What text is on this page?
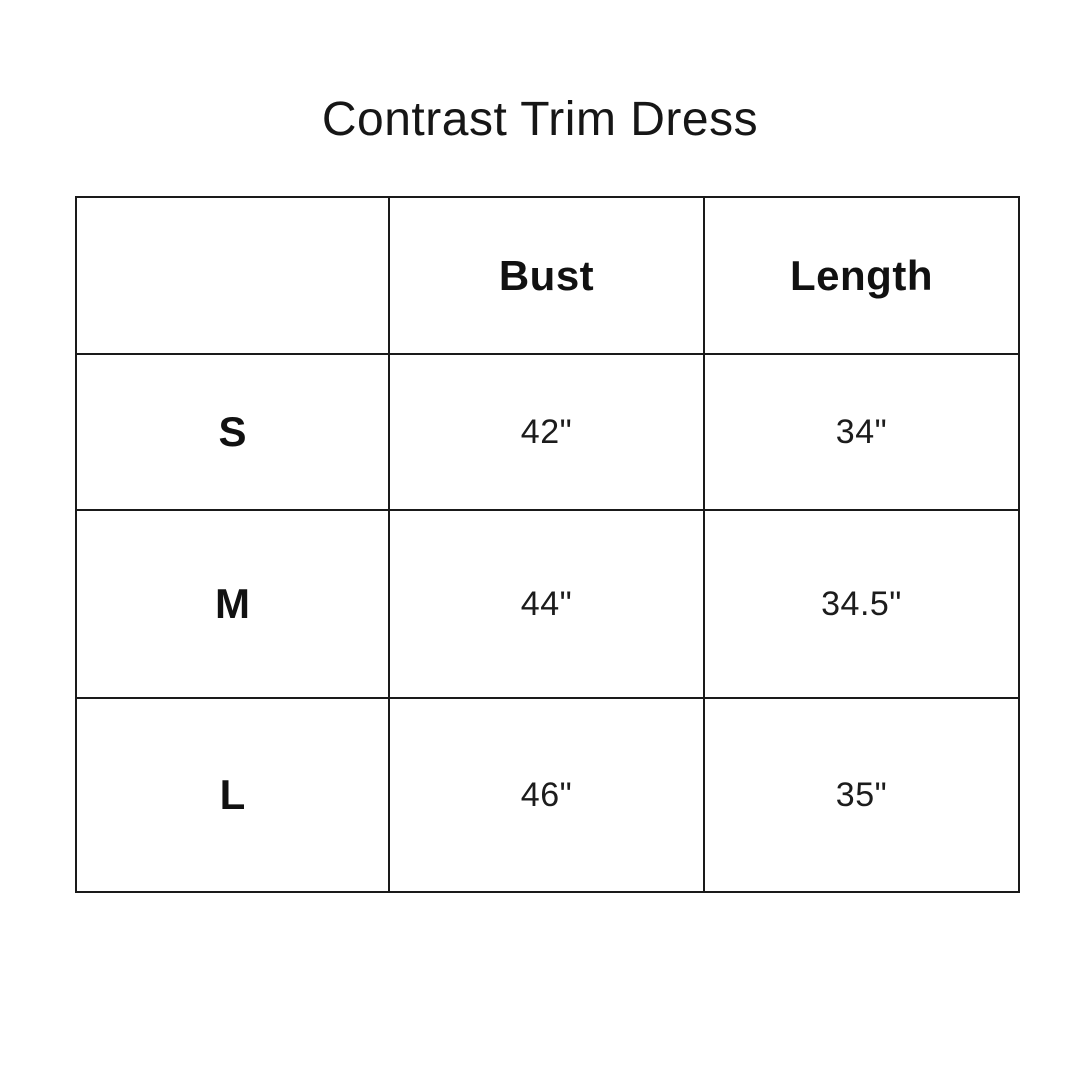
Contrast Trim Dress
	Bust	Length
S	42"	34"
M	44"	34.5"
L	46"	35"
